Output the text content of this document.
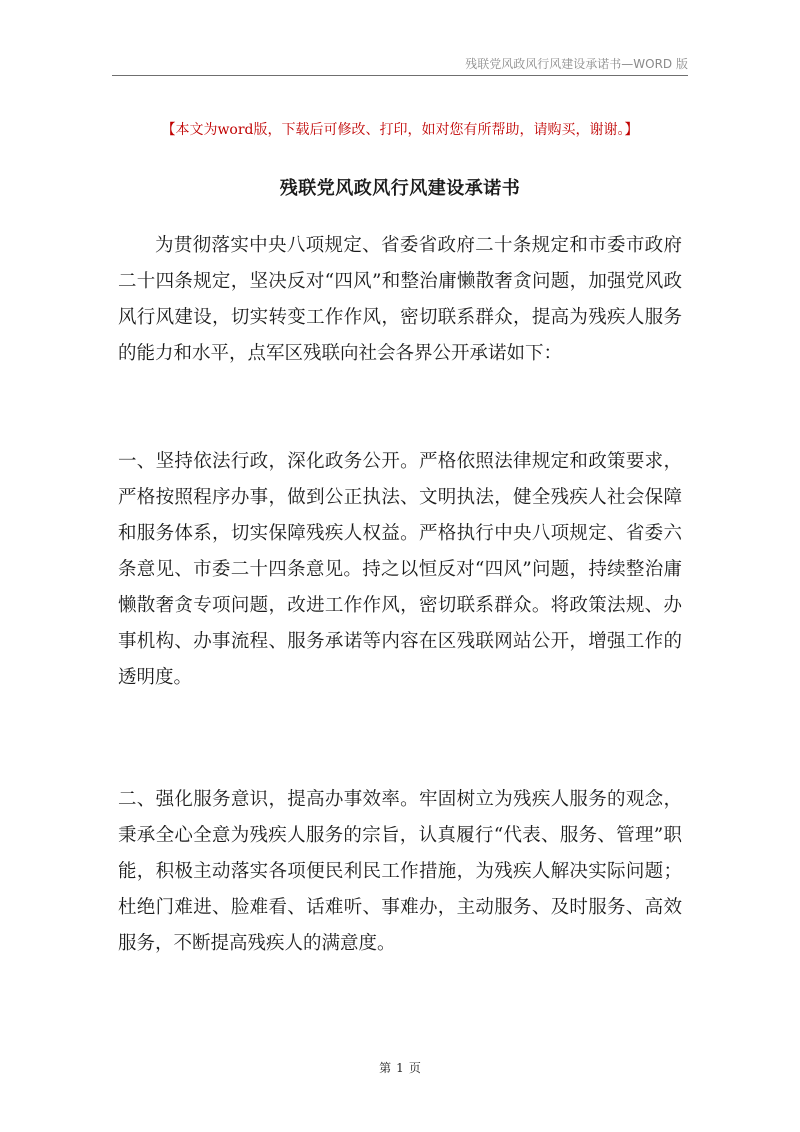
残联党风政风行风建设承诺书—WORD 版
【本文为word版，下载后可修改、打印，如对您有所帮助，请购买，谢谢。】
残联党风政风行风建设承诺书

为贯彻落实中央八项规定、省委省政府二十条规定和市委市政府二十四条规定，坚决反对“四风”和整治庸懒散奢贪问题，加强党风政风行风建设，切实转变工作作风，密切联系群众，提高为残疾人服务的能力和水平，点军区残联向社会各界公开承诺如下：

一、坚持依法行政，深化政务公开。严格依照法律规定和政策要求，严格按照程序办事，做到公正执法、文明执法，健全残疾人社会保障和服务体系，切实保障残疾人权益。严格执行中央八项规定、省委六条意见、市委二十四条意见。持之以恒反对“四风”问题，持续整治庸懒散奢贪专项问题，改进工作作风，密切联系群众。将政策法规、办事机构、办事流程、服务承诺等内容在区残联网站公开，增强工作的透明度。

二、强化服务意识，提高办事效率。牢固树立为残疾人服务的观念，秉承全心全意为残疾人服务的宗旨，认真履行“代表、服务、管理”职能，积极主动落实各项便民利民工作措施，为残疾人解决实际问题；杜绝门难进、脸难看、话难听、事难办，主动服务、及时服务、高效服务，不断提高残疾人的满意度。

第 1 页
